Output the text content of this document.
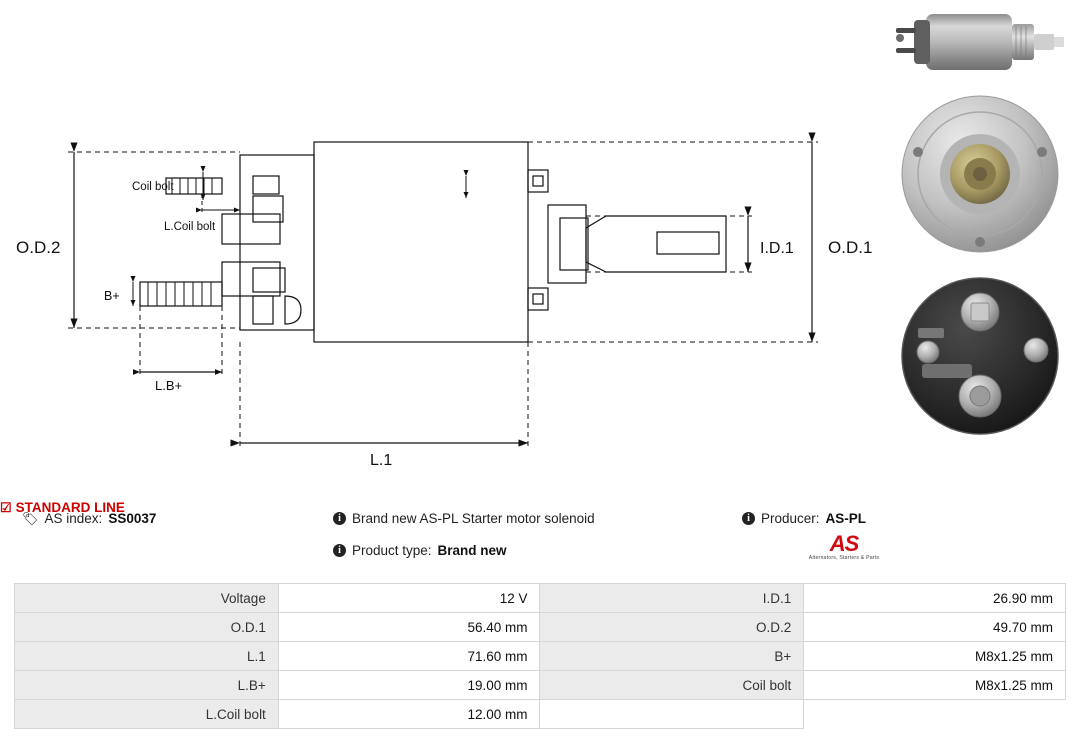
O.D.2	O.D.1
I.D.1
Coil bolt
L.Coil bolt
B+
L.B+
L.1
🏷 AS index: SS0037
☑ STANDARD LINE
i Brand new AS-PL Starter motor solenoid
i Product type: Brand new
i Producer: AS-PL
AS
Alternators, Starters & Parts
Voltage	12 V	I.D.1	26.90 mm
O.D.1	56.40 mm	O.D.2	49.70 mm
L.1	71.60 mm	B+	M8x1.25 mm
L.B+	19.00 mm	Coil bolt	M8x1.25 mm
L.Coil bolt	12.00 mm		
